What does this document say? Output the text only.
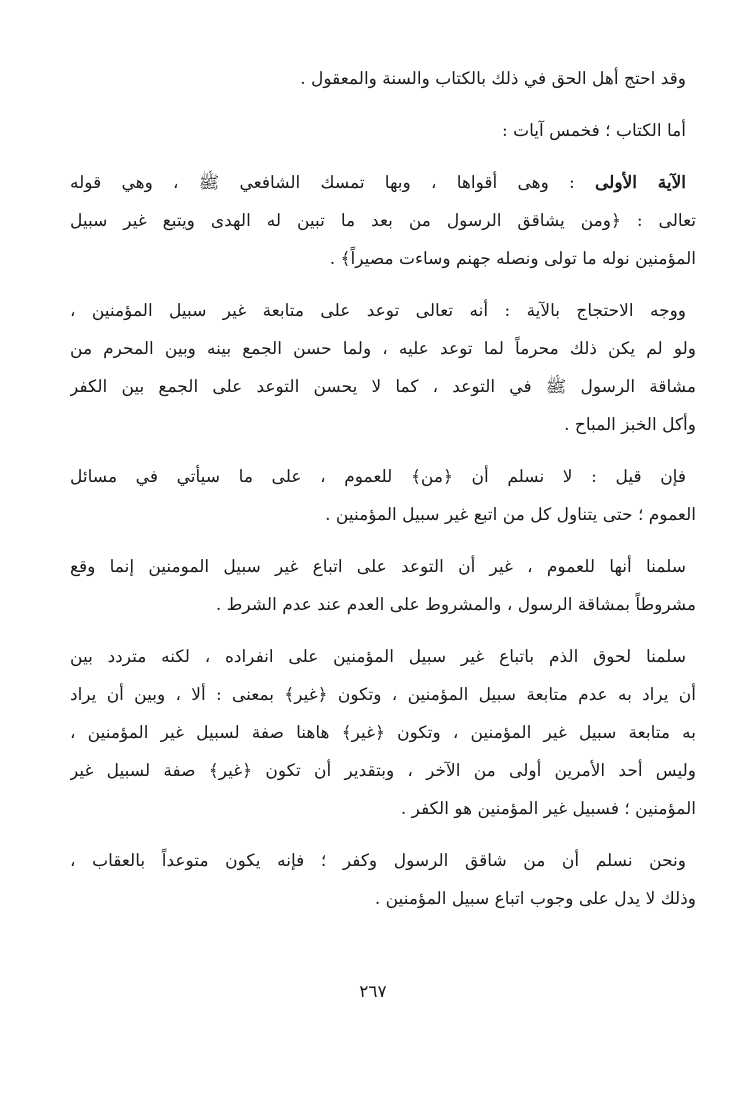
وقد احتج أهل الحق في ذلك بالكتاب والسنة والمعقول .
أما الكتاب ؛ فخمس آيات :
الآية الأولى : وهى أقواها ، وبها تمسك الشافعي ﷺ ، وهي قوله
تعالى : ﴿ومن يشاقق الرسول من بعد ما تبين له الهدى ويتبع غير سبيل
المؤمنين نوله ما تولى ونصله جهنم وساءت مصيراً﴾ .
ووجه الاحتجاج بالآية : أنه تعالى توعد على متابعة غير سبيل المؤمنين ،
ولو لم يكن ذلك محرماً لما توعد عليه ، ولما حسن الجمع بينه وبين المحرم من
مشاقة الرسول ﷺ في التوعد ، كما لا يحسن التوعد على الجمع بين الكفر
وأكل الخبز المباح .
فإن قيل : لا نسلم أن ﴿من﴾ للعموم ، على ما سيأتي في مسائل
العموم ؛ حتى يتناول كل من اتبع غير سبيل المؤمنين .
سلمنا أنها للعموم ، غير أن التوعد على اتباع غير سبيل المومنين إنما وقع
مشروطاً بمشاقة الرسول ، والمشروط على العدم عند عدم الشرط .
سلمنا لحوق الذم باتباع غير سبيل المؤمنين على انفراده ، لكنه متردد بين
أن يراد به عدم متابعة سبيل المؤمنين ، وتكون ﴿غير﴾ بمعنى : ألا ، وبين أن يراد
به متابعة سبيل غير المؤمنين ، وتكون ﴿غير﴾ هاهنا صفة لسبيل غير المؤمنين ،
وليس أحد الأمرين أولى من الآخر ، وبتقدير أن تكون ﴿غير﴾ صفة لسبيل غير
المؤمنين ؛ فسبيل غير المؤمنين هو الكفر .
ونحن نسلم أن من شاقق الرسول وكفر ؛ فإنه يكون متوعداً بالعقاب ،
وذلك لا يدل على وجوب اتباع سبيل المؤمنين .
٢٦٧
